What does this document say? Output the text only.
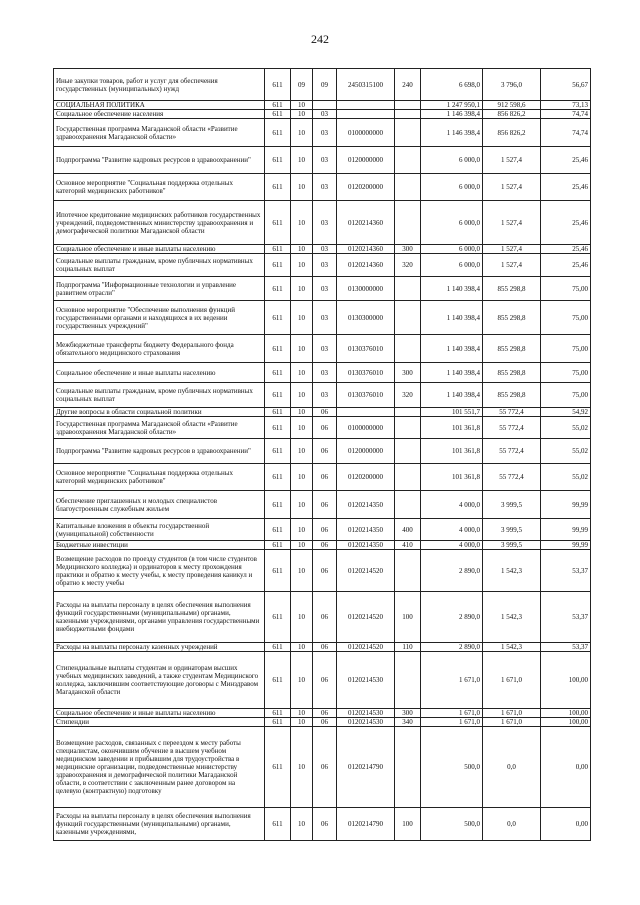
242
Иные закупки товаров, работ и услуг для обеспечения государственных (муниципальных) нужд	611	09	09	2450315100	240	6 698,0	3 796,0	56,67
СОЦИАЛЬНАЯ ПОЛИТИКА	611	10				1 247 950,1	912 598,6	73,13
Социальное обеспечение населения	611	10	03			1 146 398,4	856 826,2	74,74
Государственная программа Магаданской области «Развитие здравоохранения Магаданской области»	611	10	03	0100000000		1 146 398,4	856 826,2	74,74
Подпрограмма "Развитие кадровых ресурсов в здравоохранении"	611	10	03	0120000000		6 000,0	1 527,4	25,46
Основное мероприятие "Социальная поддержка отдельных категорий медицинских работников"	611	10	03	0120200000		6 000,0	1 527,4	25,46
Ипотечное кредитование медицинских работников государственных учреждений, подведомственных министерству здравоохранения и демографической политики Магаданской области	611	10	03	0120214360		6 000,0	1 527,4	25,46
Социальное обеспечение и иные выплаты населению	611	10	03	0120214360	300	6 000,0	1 527,4	25,46
Социальные выплаты гражданам, кроме публичных нормативных социальных выплат	611	10	03	0120214360	320	6 000,0	1 527,4	25,46
Подпрограмма "Информационные технологии и управление развитием отрасли"	611	10	03	0130000000		1 140 398,4	855 298,8	75,00
Основное мероприятие "Обеспечение выполнения функций государственными органами и находящихся в их ведении государственных учреждений"	611	10	03	0130300000		1 140 398,4	855 298,8	75,00
Межбюджетные трансферты бюджету Федерального фонда обязательного медицинского страхования	611	10	03	0130376010		1 140 398,4	855 298,8	75,00
Социальное обеспечение и иные выплаты населению	611	10	03	0130376010	300	1 140 398,4	855 298,8	75,00
Социальные выплаты гражданам, кроме публичных нормативных социальных выплат	611	10	03	0130376010	320	1 140 398,4	855 298,8	75,00
Другие вопросы в области социальной политики	611	10	06			101 551,7	55 772,4	54,92
Государственная программа Магаданской области «Развитие здравоохранения Магаданской области»	611	10	06	0100000000		101 361,8	55 772,4	55,02
Подпрограмма "Развитие кадровых ресурсов в здравоохранении"	611	10	06	0120000000		101 361,8	55 772,4	55,02
Основное мероприятие "Социальная поддержка отдельных категорий медицинских работников"	611	10	06	0120200000		101 361,8	55 772,4	55,02
Обеспечение приглашенных и молодых специалистов благоустроенным служебным жильем	611	10	06	0120214350		4 000,0	3 999,5	99,99
Капитальные вложения в объекты государственной (муниципальной) собственности	611	10	06	0120214350	400	4 000,0	3 999,5	99,99
Бюджетные инвестиции	611	10	06	0120214350	410	4 000,0	3 999,5	99,99
Возмещение расходов по проезду студентов (в том числе студентов Медицинского колледжа) и ординаторов к месту прохождения практики и обратно к месту учебы, к месту проведения каникул и обратно к месту учебы	611	10	06	0120214520		2 890,0	1 542,3	53,37
Расходы на выплаты персоналу в целях обеспечения выполнения функций государственными (муниципальными) органами, казенными учреждениями, органами управления государственными внебюджетными фондами	611	10	06	0120214520	100	2 890,0	1 542,3	53,37
Расходы на выплаты персоналу казенных учреждений	611	10	06	0120214520	110	2 890,0	1 542,3	53,37
Стипендиальные выплаты студентам и ординаторам высших учебных медицинских заведений, а также студентам Медицинского колледжа, заключившим соответствующие договоры с Минздравом Магаданской области	611	10	06	0120214530		1 671,0	1 671,0	100,00
Социальное обеспечение и иные выплаты населению	611	10	06	0120214530	300	1 671,0	1 671,0	100,00
Стипендии	611	10	06	0120214530	340	1 671,0	1 671,0	100,00
Возмещение расходов, связанных с переездом к месту работы специалистам, окончившим обучение в высшем учебном медицинском заведении и прибывшим для трудоустройства в медицинские организации, подведомственные министерству здравоохранения и демографической политики Магаданской области, в соответствии с заключенным ранее договором на целевую (контрактную) подготовку	611	10	06	0120214790		500,0	0,0	0,00
Расходы на выплаты персоналу в целях обеспечения выполнения функций государственными (муниципальными) органами, казенными учреждениями,	611	10	06	0120214790	100	500,0	0,0	0,00
